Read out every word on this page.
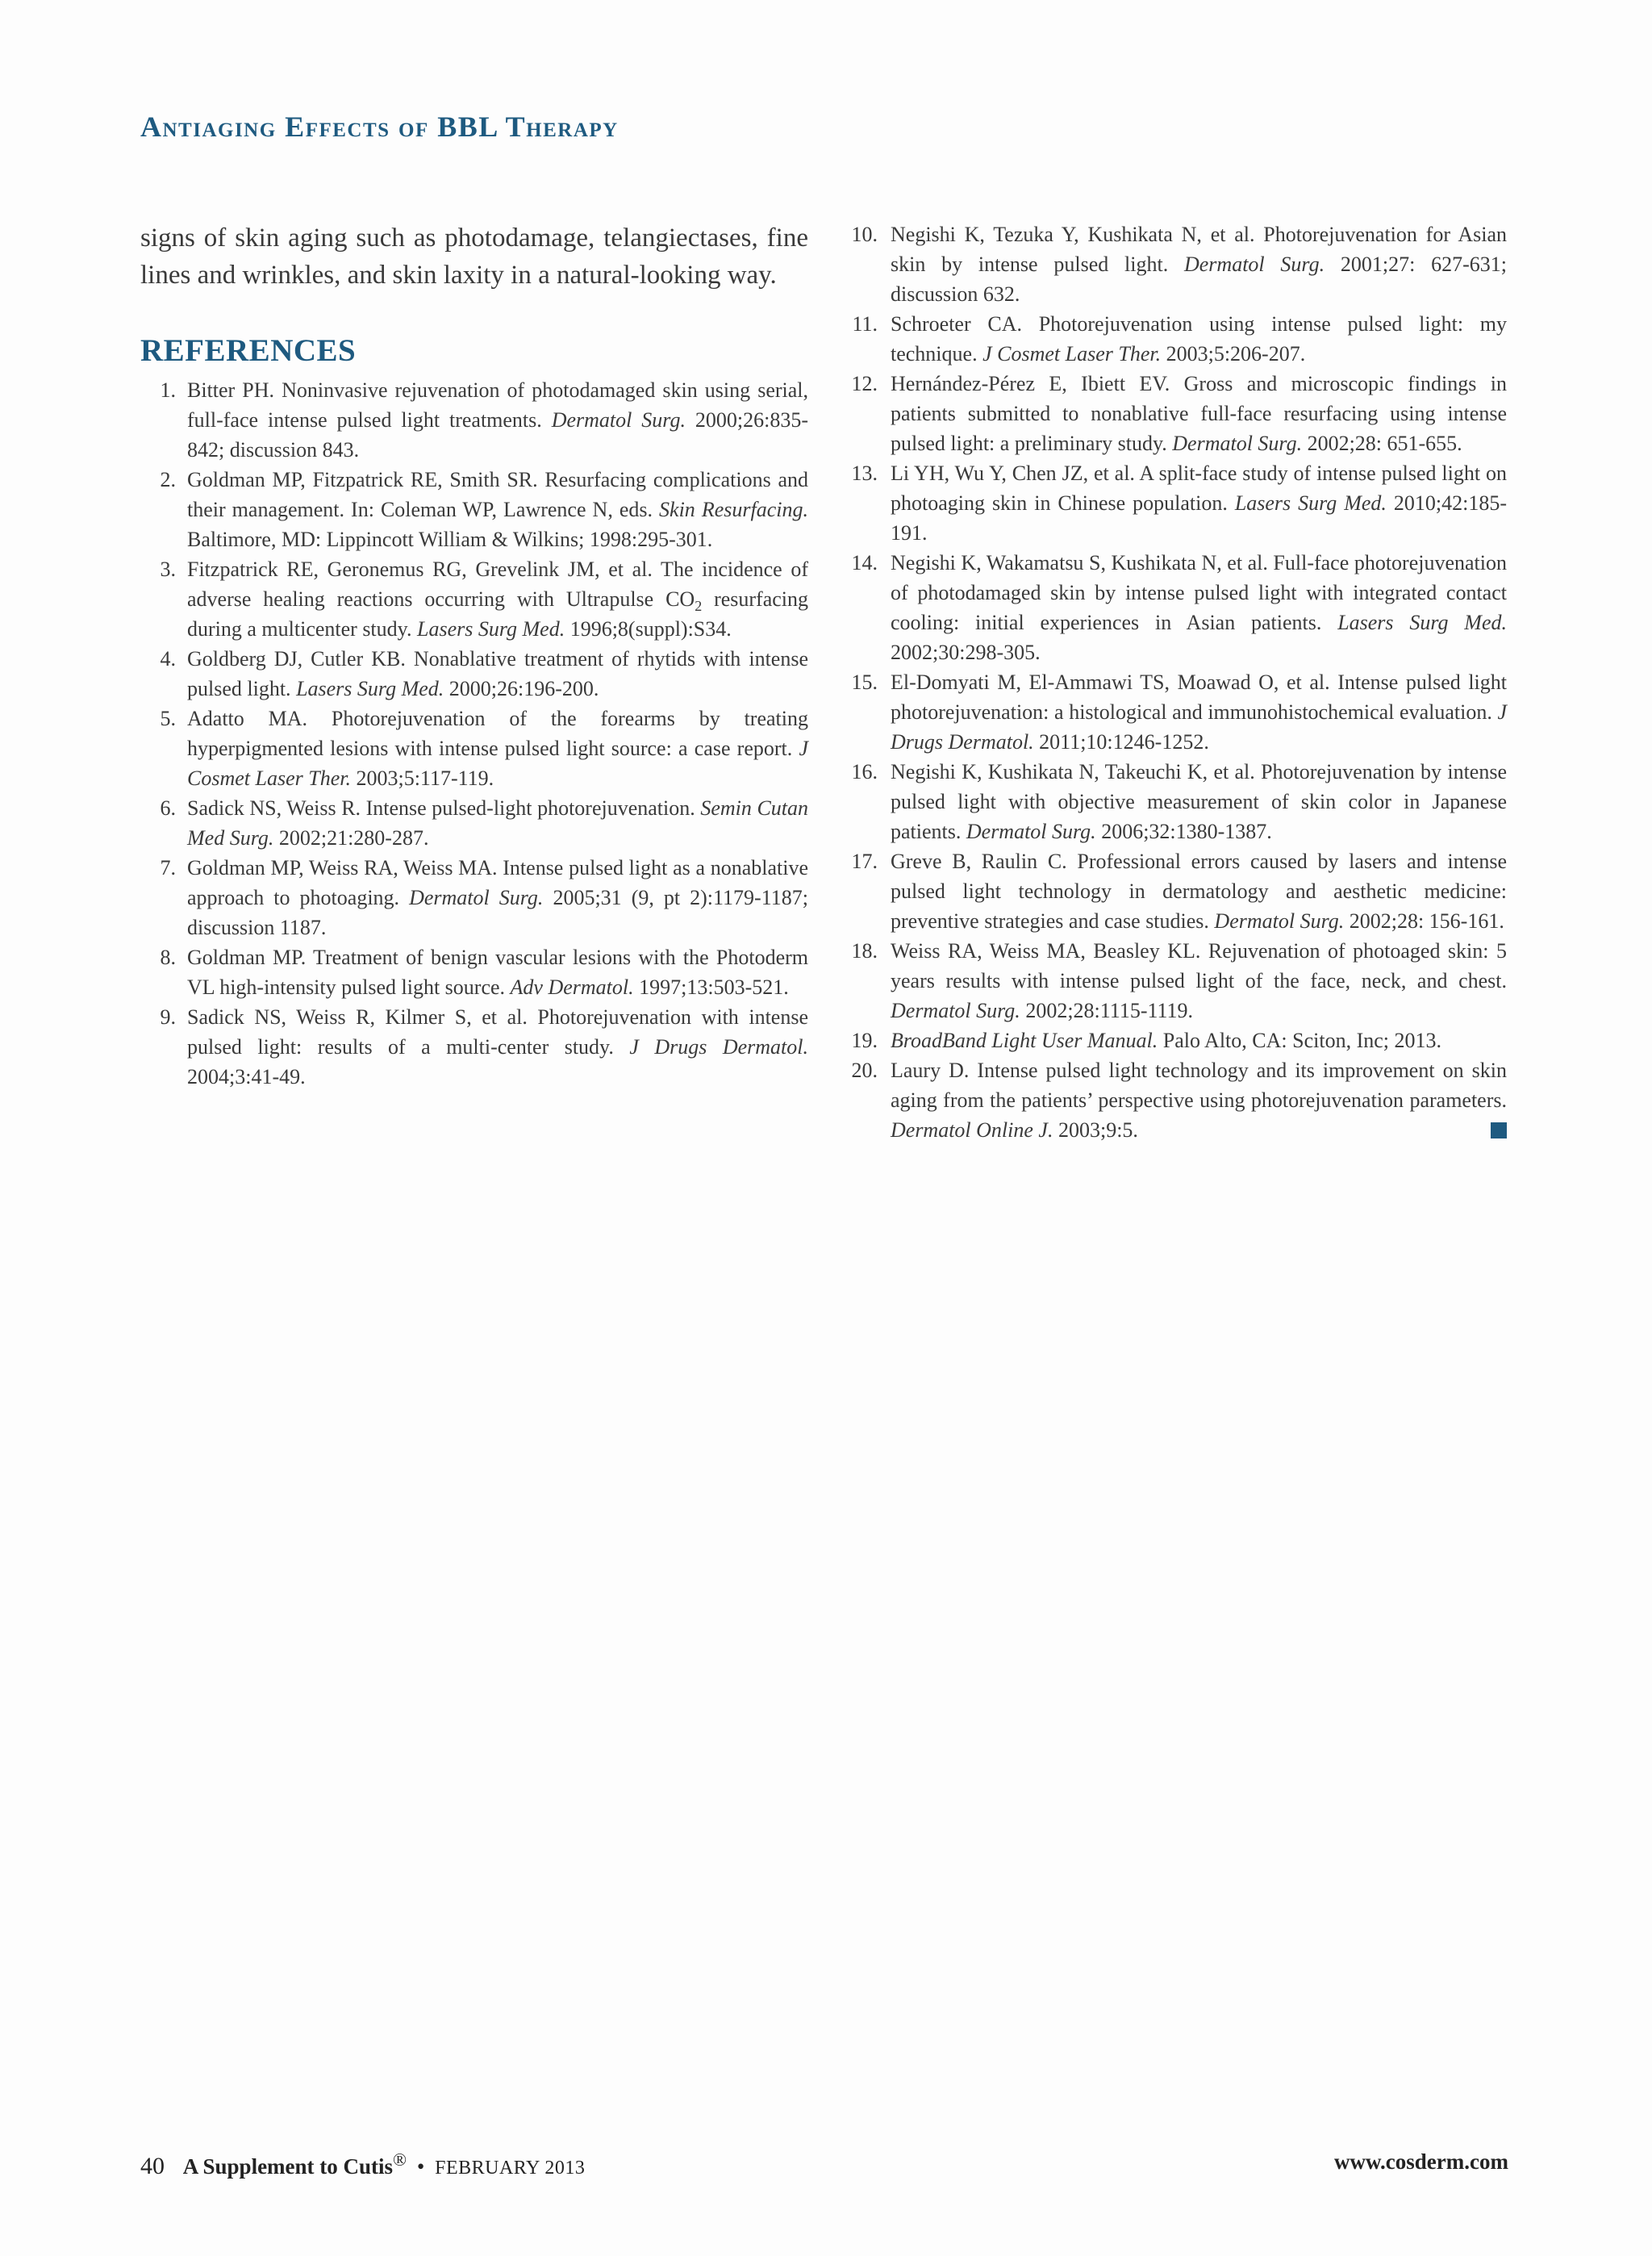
Antiaging Effects of BBL Therapy

signs of skin aging such as photodamage, telangiectases, fine lines and wrinkles, and skin laxity in a natural-looking way.

REFERENCES
1. Bitter PH. Noninvasive rejuvenation of photodamaged skin using serial, full-face intense pulsed light treatments. Dermatol Surg. 2000;26:835-842; discussion 843.
2. Goldman MP, Fitzpatrick RE, Smith SR. Resurfacing complications and their management. In: Coleman WP, Lawrence N, eds. Skin Resurfacing. Baltimore, MD: Lippincott William & Wilkins; 1998:295-301.
3. Fitzpatrick RE, Geronemus RG, Grevelink JM, et al. The incidence of adverse healing reactions occurring with Ultrapulse $CO_2$ resurfacing during a multicenter study. Lasers Surg Med. 1996;8(suppl):S34.
4. Goldberg DJ, Cutler KB. Nonablative treatment of rhytids with intense pulsed light. Lasers Surg Med. 2000;26:196-200.
5. Adatto MA. Photorejuvenation of the forearms by treating hyperpigmented lesions with intense pulsed light source: a case report. J Cosmet Laser Ther. 2003;5:117-119.
6. Sadick NS, Weiss R. Intense pulsed-light photorejuvenation. Semin Cutan Med Surg. 2002;21:280-287.
7. Goldman MP, Weiss RA, Weiss MA. Intense pulsed light as a nonablative approach to photoaging. Dermatol Surg. 2005;31 (9, pt 2):1179-1187; discussion 1187.
8. Goldman MP. Treatment of benign vascular lesions with the Photoderm VL high-intensity pulsed light source. Adv Dermatol. 1997;13:503-521.
9. Sadick NS, Weiss R, Kilmer S, et al. Photorejuvenation with intense pulsed light: results of a multi-center study. J Drugs Dermatol. 2004;3:41-49.
10. Negishi K, Tezuka Y, Kushikata N, et al. Photorejuvenation for Asian skin by intense pulsed light. Dermatol Surg. 2001;27: 627-631; discussion 632.
11. Schroeter CA. Photorejuvenation using intense pulsed light: my technique. J Cosmet Laser Ther. 2003;5:206-207.
12. Hernández-Pérez E, Ibiett EV. Gross and microscopic findings in patients submitted to nonablative full-face resurfacing using intense pulsed light: a preliminary study. Dermatol Surg. 2002;28: 651-655.
13. Li YH, Wu Y, Chen JZ, et al. A split-face study of intense pulsed light on photoaging skin in Chinese population. Lasers Surg Med. 2010;42:185-191.
14. Negishi K, Wakamatsu S, Kushikata N, et al. Full-face photorejuvenation of photodamaged skin by intense pulsed light with integrated contact cooling: initial experiences in Asian patients. Lasers Surg Med. 2002;30:298-305.
15. El-Domyati M, El-Ammawi TS, Moawad O, et al. Intense pulsed light photorejuvenation: a histological and immunohistochemical evaluation. J Drugs Dermatol. 2011;10:1246-1252.
16. Negishi K, Kushikata N, Takeuchi K, et al. Photorejuvenation by intense pulsed light with objective measurement of skin color in Japanese patients. Dermatol Surg. 2006;32:1380-1387.
17. Greve B, Raulin C. Professional errors caused by lasers and intense pulsed light technology in dermatology and aesthetic medicine: preventive strategies and case studies. Dermatol Surg. 2002;28: 156-161.
18. Weiss RA, Weiss MA, Beasley KL. Rejuvenation of photoaged skin: 5 years results with intense pulsed light of the face, neck, and chest. Dermatol Surg. 2002;28:1115-1119.
19. BroadBand Light User Manual. Palo Alto, CA: Sciton, Inc; 2013.
20. Laury D. Intense pulsed light technology and its improvement on skin aging from the patients’ perspective using photorejuvenation parameters. Dermatol Online J. 2003;9:5.
40 A Supplement to Cutis® • FEBRUARY 2013	www.cosderm.com
